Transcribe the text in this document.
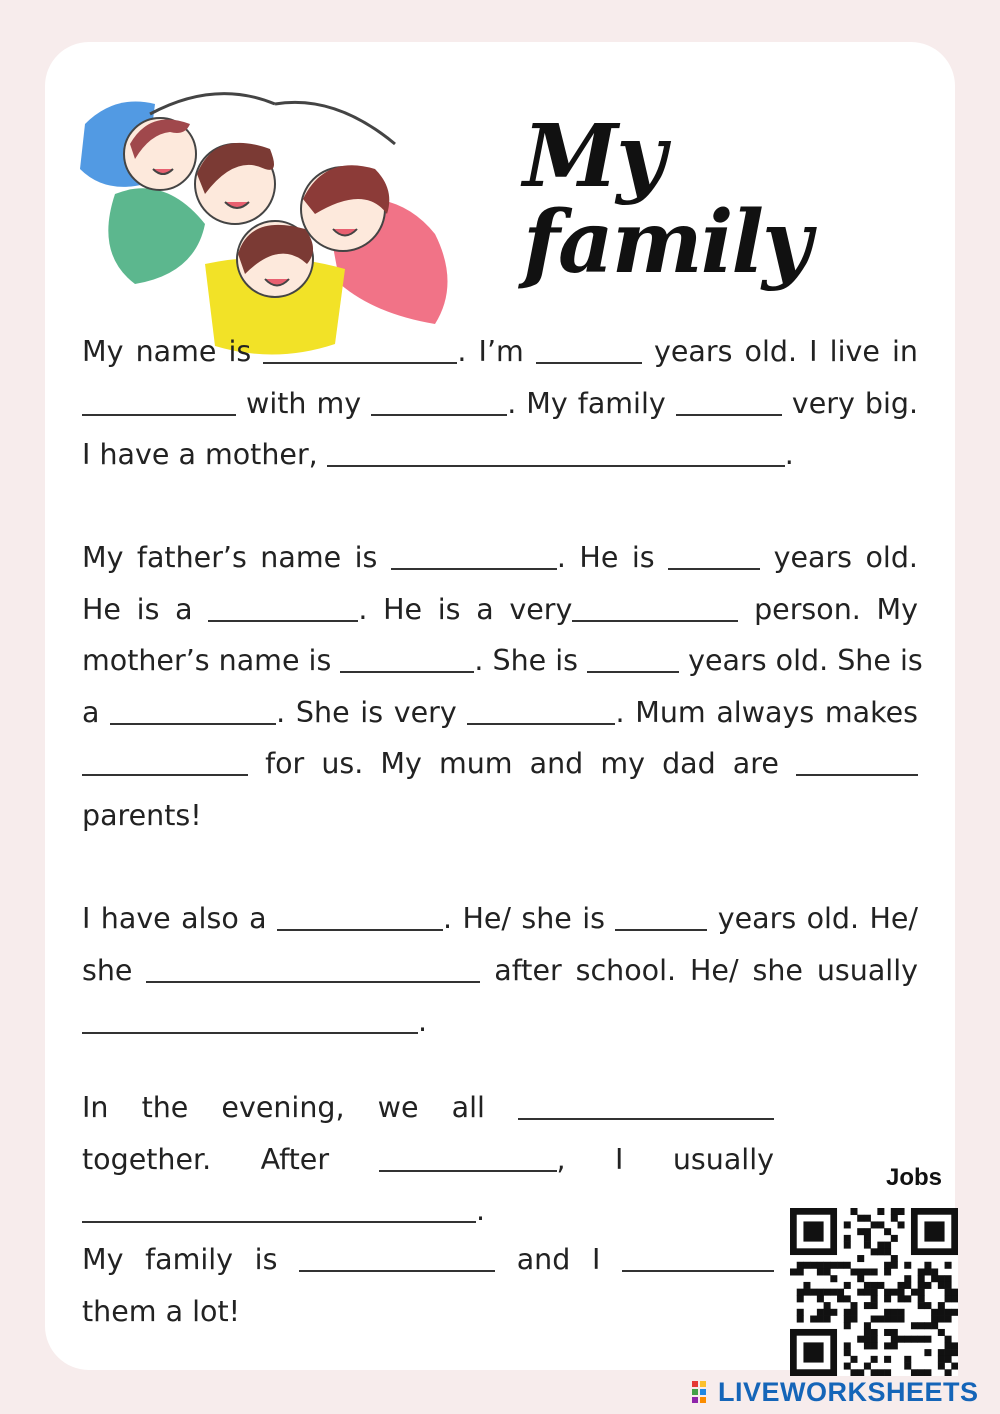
My family
My name is	. I’m	years old. I live in
with my	. My family	very big.
I have a mother,	.
My father’s name is	. He is	years old.
He is a	. He is a very	person. My
mother’s name is	. She is	years old. She is
a	. She is very	. Mum always makes
for us. My mum and my dad are
parents!
I have also a	. He/ she is	years old. He/
she	after school. He/ she usually
.
In the evening, we all
together. After	, I usually
.
My family is	and I
them a lot!
Jobs
LIVEWORKSHEETS
